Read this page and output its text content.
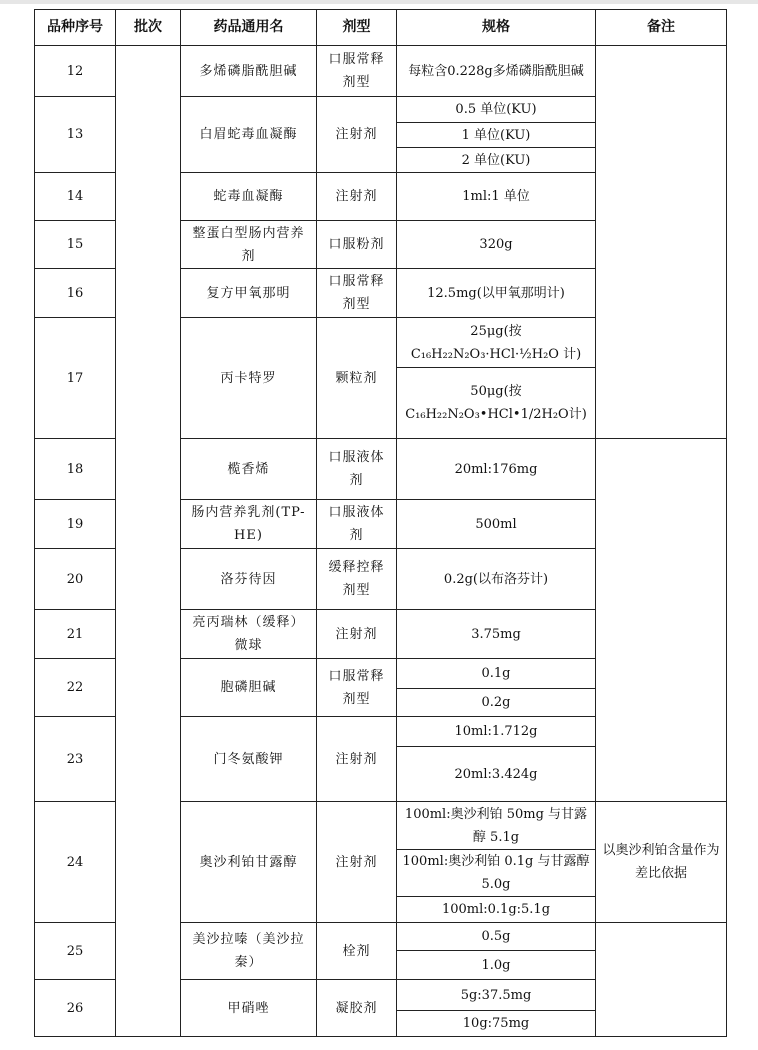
品种序号	批次	药品通用名	剂型	规格	备注
12		多烯磷脂酰胆碱	口服常释剂型	每粒含0.228g多烯磷脂酰胆碱	
13		白眉蛇毒血凝酶	注射剂	0.5 单位(KU)	
				1 单位(KU)	
				2 单位(KU)	
14		蛇毒血凝酶	注射剂	1ml:1 单位	
15		整蛋白型肠内营养剂	口服粉剂	320g	
16		复方甲氧那明	口服常释剂型	12.5mg(以甲氧那明计)	
17		丙卡特罗	颗粒剂	25μg(按C₁₆H₂₂N₂O₃·HCl·½H₂O 计)	
				50μg(按C₁₆H₂₂N₂O₃•HCl•1/2H₂O计)	
18		榄香烯	口服液体剂	20ml:176mg	
19		肠内营养乳剂(TP-HE)	口服液体剂	500ml	
20		洛芬待因	缓释控释剂型	0.2g(以布洛芬计)	
21		亮丙瑞林（缓释）微球	注射剂	3.75mg	
22		胞磷胆碱	口服常释剂型	0.1g	
				0.2g	
23		门冬氨酸钾	注射剂	10ml:1.712g	
				20ml:3.424g	
24		奥沙利铂甘露醇	注射剂	100ml:奥沙利铂 50mg 与甘露醇 5.1g	以奥沙利铂含量作为差比依据
				100ml:奥沙利铂 0.1g 与甘露醇 5.0g	
				100ml:0.1g:5.1g	
25		美沙拉嗪（美沙拉秦）	栓剂	0.5g	
				1.0g	
26		甲硝唑	凝胶剂	5g:37.5mg	
				10g:75mg	
